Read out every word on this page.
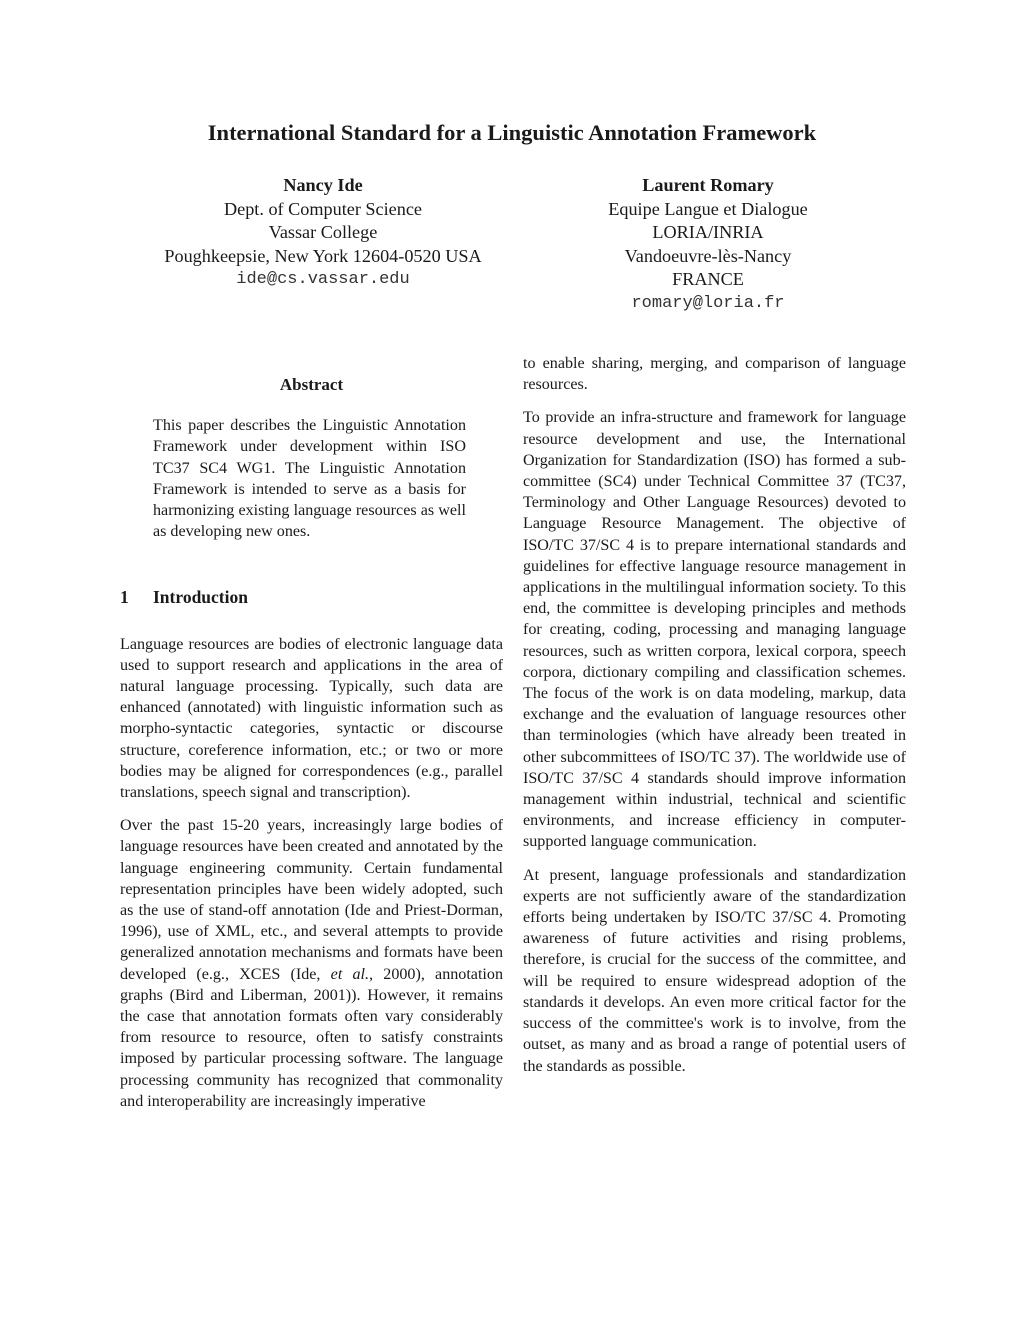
International Standard for a Linguistic Annotation Framework
Nancy Ide
Dept. of Computer Science
Vassar College
Poughkeepsie, New York 12604-0520 USA
ide@cs.vassar.edu
Laurent Romary
Equipe Langue et Dialogue
LORIA/INRIA
Vandoeuvre-lès-Nancy
FRANCE
romary@loria.fr
Abstract

This paper describes the Linguistic Annotation Framework under development within ISO TC37 SC4 WG1. The Linguistic Annotation Framework is intended to serve as a basis for harmonizing existing language resources as well as developing new ones.

1	Introduction

Language resources are bodies of electronic language data used to support research and applications in the area of natural language processing. Typically, such data are enhanced (annotated) with linguistic information such as morpho-syntactic categories, syntactic or discourse structure, coreference information, etc.; or two or more bodies may be aligned for correspondences (e.g., parallel translations, speech signal and transcription).

Over the past 15-20 years, increasingly large bodies of language resources have been created and annotated by the language engineering community. Certain fundamental representation principles have been widely adopted, such as the use of stand-off annotation (Ide and Priest-Dorman, 1996), use of XML, etc., and several attempts to provide generalized annotation mechanisms and formats have been developed (e.g., XCES (Ide, et al., 2000), annotation graphs (Bird and Liberman, 2001)). However, it remains the case that annotation formats often vary considerably from resource to resource, often to satisfy constraints imposed by particular processing software. The language processing community has recognized that commonality and interoperability are increasingly imperative

to enable sharing, merging, and comparison of language resources.

To provide an infra-structure and framework for language resource development and use, the International Organization for Standardization (ISO) has formed a sub-committee (SC4) under Technical Committee 37 (TC37, Terminology and Other Language Resources) devoted to Language Resource Management. The objective of ISO/TC 37/SC 4 is to prepare international standards and guidelines for effective language resource management in applications in the multilingual information society. To this end, the committee is developing principles and methods for creating, coding, processing and managing language resources, such as written corpora, lexical corpora, speech corpora, dictionary compiling and classification schemes. The focus of the work is on data modeling, markup, data exchange and the evaluation of language resources other than terminologies (which have already been treated in other subcommittees of ISO/TC 37). The worldwide use of ISO/TC 37/SC 4 standards should improve information management within industrial, technical and scientific environments, and increase efficiency in computer-supported language communication.

At present, language professionals and standardization experts are not sufficiently aware of the standardization efforts being undertaken by ISO/TC 37/SC 4. Promoting awareness of future activities and rising problems, therefore, is crucial for the success of the committee, and will be required to ensure widespread adoption of the standards it develops. An even more critical factor for the success of the committee's work is to involve, from the outset, as many and as broad a range of potential users of the standards as possible.
